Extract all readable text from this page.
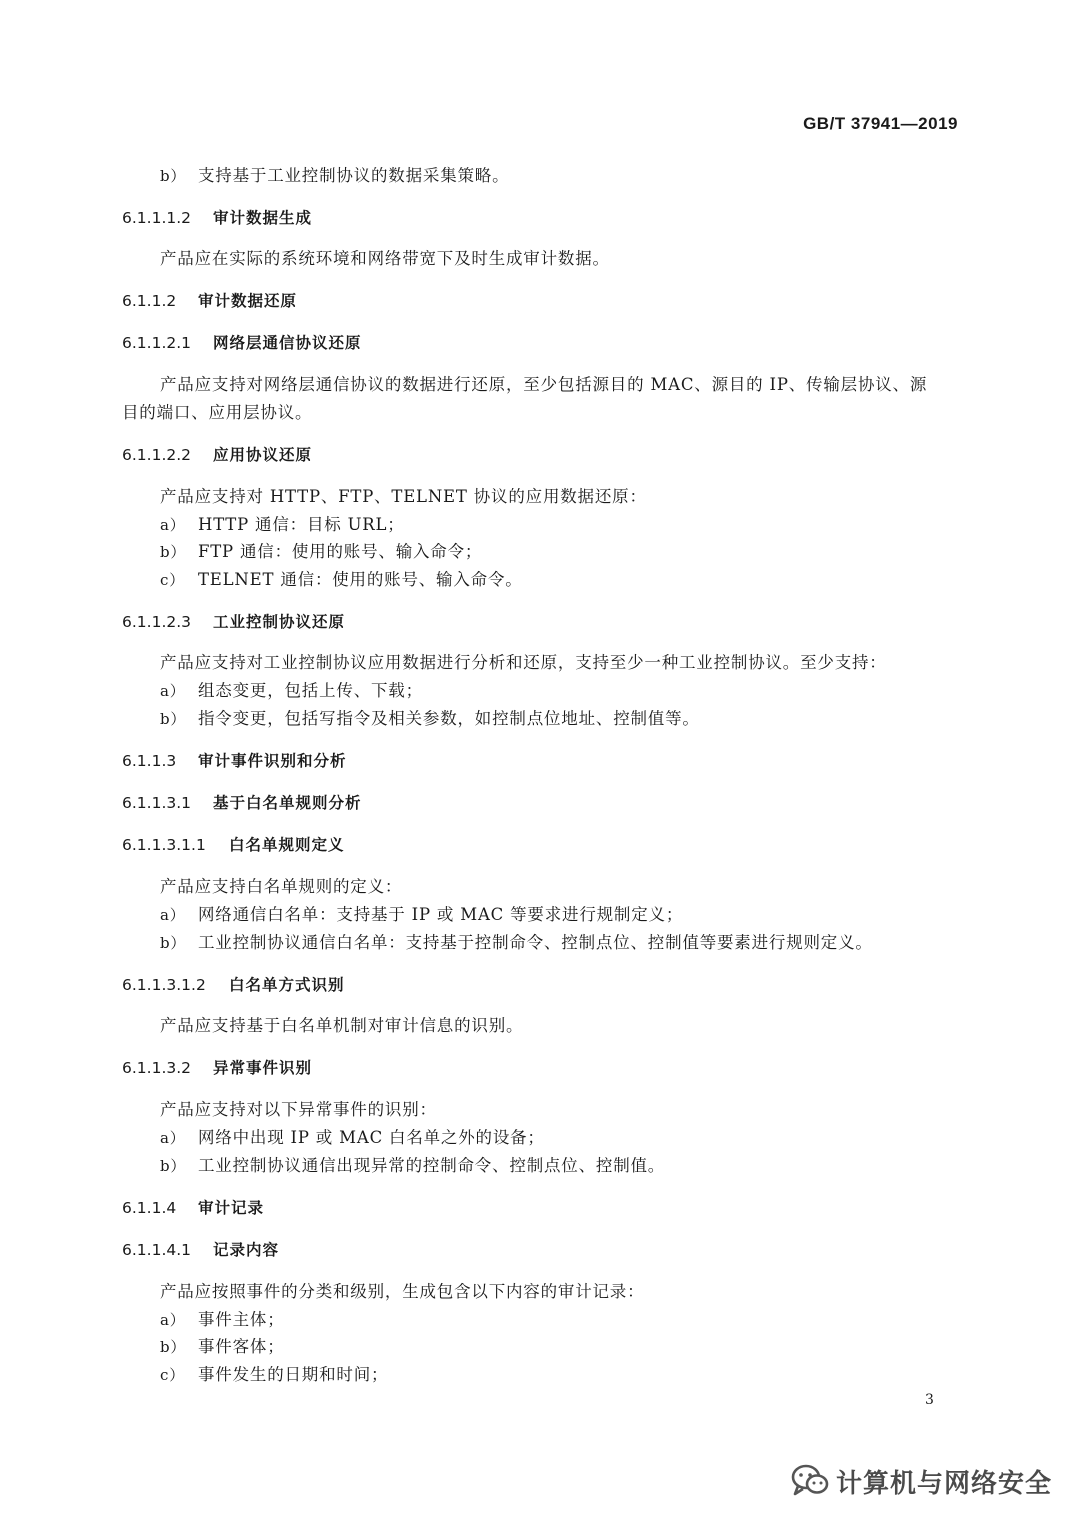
GB/T 37941—2019
b） 支持基于工业控制协议的数据采集策略。
6.1.1.1.2 审计数据生成
产品应在实际的系统环境和网络带宽下及时生成审计数据。
6.1.1.2 审计数据还原
6.1.1.2.1 网络层通信协议还原
产品应支持对网络层通信协议的数据进行还原，至少包括源目的 MAC、源目的 IP、传输层协议、源
目的端口、应用层协议。
6.1.1.2.2 应用协议还原
产品应支持对 HTTP、FTP、TELNET 协议的应用数据还原：
a） HTTP 通信：目标 URL；
b） FTP 通信：使用的账号、输入命令；
c） TELNET 通信：使用的账号、输入命令。
6.1.1.2.3 工业控制协议还原
产品应支持对工业控制协议应用数据进行分析和还原，支持至少一种工业控制协议。至少支持：
a） 组态变更，包括上传、下载；
b） 指令变更，包括写指令及相关参数，如控制点位地址、控制值等。
6.1.1.3 审计事件识别和分析
6.1.1.3.1 基于白名单规则分析
6.1.1.3.1.1 白名单规则定义
产品应支持白名单规则的定义：
a） 网络通信白名单：支持基于 IP 或 MAC 等要求进行规制定义；
b） 工业控制协议通信白名单：支持基于控制命令、控制点位、控制值等要素进行规则定义。
6.1.1.3.1.2 白名单方式识别
产品应支持基于白名单机制对审计信息的识别。
6.1.1.3.2 异常事件识别
产品应支持对以下异常事件的识别：
a） 网络中出现 IP 或 MAC 白名单之外的设备；
b） 工业控制协议通信出现异常的控制命令、控制点位、控制值。
6.1.1.4 审计记录
6.1.1.4.1 记录内容
产品应按照事件的分类和级别，生成包含以下内容的审计记录：
a） 事件主体；
b） 事件客体；
c） 事件发生的日期和时间；
3
计算机与网络安全
